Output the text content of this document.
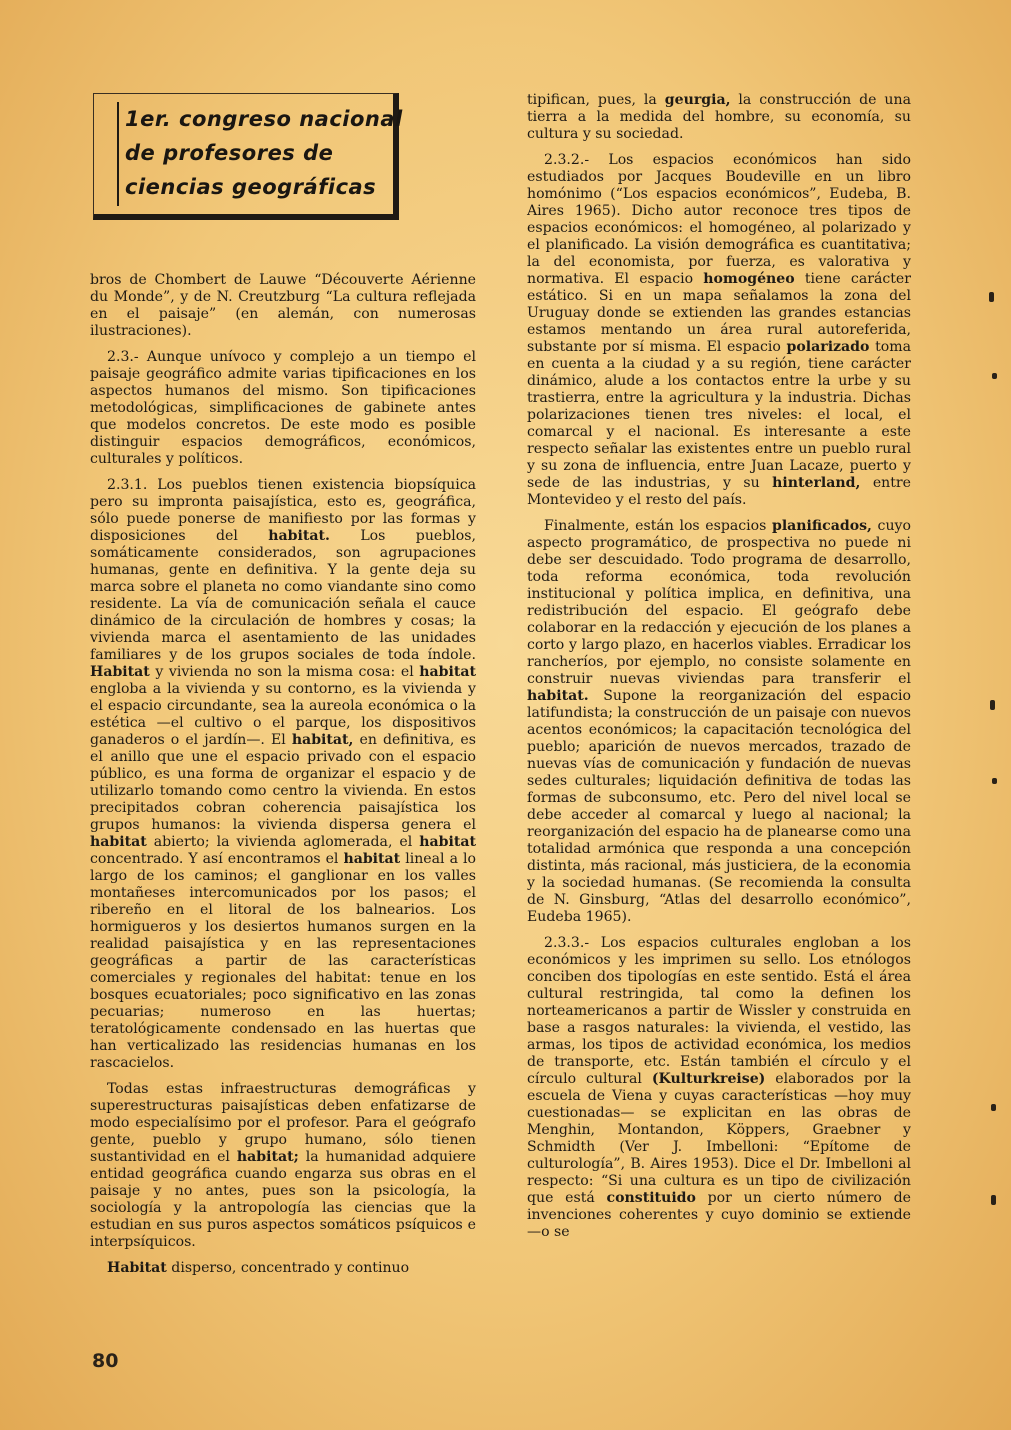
1er. congreso nacional
de profesores de
ciencias geográficas

bros de Chombert de Lauwe “Découverte Aérienne du Monde”, y de N. Creutzburg “La cultura reflejada en el paisaje” (en alemán, con numerosas ilustraciones).

2.3.- Aunque unívoco y complejo a un tiempo el paisaje geográfico admite varias tipificaciones en los aspectos humanos del mismo. Son tipificaciones metodológicas, simplificaciones de gabinete antes que modelos concretos. De este modo es posible distinguir espacios demográficos, económicos, culturales y políticos.

2.3.1. Los pueblos tienen existencia biopsíquica pero su impronta paisajística, esto es, geográfica, sólo puede ponerse de manifiesto por las formas y disposiciones del habitat. Los pueblos, somáticamente considerados, son agrupaciones humanas, gente en definitiva. Y la gente deja su marca sobre el planeta no como viandante sino como residente. La vía de comunicación señala el cauce dinámico de la circulación de hombres y cosas; la vivienda marca el asentamiento de las unidades familiares y de los grupos sociales de toda índole. Habitat y vivienda no son la misma cosa: el habitat engloba a la vivienda y su contorno, es la vivienda y el espacio circundante, sea la aureola económica o la estética —el cultivo o el parque, los dispositivos ganaderos o el jardín—. El habitat, en definitiva, es el anillo que une el espacio privado con el espacio público, es una forma de organizar el espacio y de utilizarlo tomando como centro la vivienda. En estos precipitados cobran coherencia paisajística los grupos humanos: la vivienda dispersa genera el habitat abierto; la vivienda aglomerada, el habitat concentrado. Y así encontramos el habitat lineal a lo largo de los caminos; el ganglionar en los valles montañeses intercomunicados por los pasos; el ribereño en el litoral de los balnearios. Los hormigueros y los desiertos humanos surgen en la realidad paisajística y en las representaciones geográficas a partir de las características comerciales y regionales del habitat: tenue en los bosques ecuatoriales; poco significativo en las zonas pecuarias; numeroso en las huertas; teratológicamente condensado en las huertas que han verticalizado las residencias humanas en los rascacielos.

Todas estas infraestructuras demográficas y superestructuras paisajísticas deben enfatizarse de modo especialísimo por el profesor. Para el geógrafo gente, pueblo y grupo humano, sólo tienen sustantividad en el habitat; la humanidad adquiere entidad geográfica cuando engarza sus obras en el paisaje y no antes, pues son la psicología, la sociología y la antropología las ciencias que la estudian en sus puros aspectos somáticos psíquicos e interpsíquicos.

Habitat disperso, concentrado y continuo

tipifican, pues, la geurgia, la construcción de una tierra a la medida del hombre, su economía, su cultura y su sociedad.

2.3.2.- Los espacios económicos han sido estudiados por Jacques Boudeville en un libro homónimo (“Los espacios económicos”, Eudeba, B. Aires 1965). Dicho autor reconoce tres tipos de espacios económicos: el homogéneo, al polarizado y el planificado. La visión demográfica es cuantitativa; la del economista, por fuerza, es valorativa y normativa. El espacio homogéneo tiene carácter estático. Si en un mapa señalamos la zona del Uruguay donde se extienden las grandes estancias estamos mentando un área rural autoreferida, substante por sí misma. El espacio polarizado toma en cuenta a la ciudad y a su región, tiene carácter dinámico, alude a los contactos entre la urbe y su trastierra, entre la agricultura y la industria. Dichas polarizaciones tienen tres niveles: el local, el comarcal y el nacional. Es interesante a este respecto señalar las existentes entre un pueblo rural y su zona de influencia, entre Juan Lacaze, puerto y sede de las industrias, y su hinterland, entre Montevideo y el resto del país.

Finalmente, están los espacios planificados, cuyo aspecto programático, de prospectiva no puede ni debe ser descuidado. Todo programa de desarrollo, toda reforma económica, toda revolución institucional y política implica, en definitiva, una redistribución del espacio. El geógrafo debe colaborar en la redacción y ejecución de los planes a corto y largo plazo, en hacerlos viables. Erradicar los rancheríos, por ejemplo, no consiste solamente en construir nuevas viviendas para transferir el habitat. Supone la reorganización del espacio latifundista; la construcción de un paisaje con nuevos acentos económicos; la capacitación tecnológica del pueblo; aparición de nuevos mercados, trazado de nuevas vías de comunicación y fundación de nuevas sedes culturales; liquidación definitiva de todas las formas de subconsumo, etc. Pero del nivel local se debe acceder al comarcal y luego al nacional; la reorganización del espacio ha de planearse como una totalidad armónica que responda a una concepción distinta, más racional, más justiciera, de la economia y la sociedad humanas. (Se recomienda la consulta de N. Ginsburg, “Atlas del desarrollo económico”, Eudeba 1965).

2.3.3.- Los espacios culturales engloban a los económicos y les imprimen su sello. Los etnólogos conciben dos tipologías en este sentido. Está el área cultural restringida, tal como la definen los norteamericanos a partir de Wissler y construida en base a rasgos naturales: la vivienda, el vestido, las armas, los tipos de actividad económica, los medios de transporte, etc. Están también el círculo y el círculo cultural (Kulturkreise) elaborados por la escuela de Viena y cuyas características —hoy muy cuestionadas— se explicitan en las obras de Menghin, Montandon, Köppers, Graebner y Schmidth (Ver J. Imbelloni: “Epítome de culturología”, B. Aires 1953). Dice el Dr. Imbelloni al respecto: “Si una cultura es un tipo de civilización que está constituido por un cierto número de invenciones coherentes y cuyo dominio se extiende —o se

80
